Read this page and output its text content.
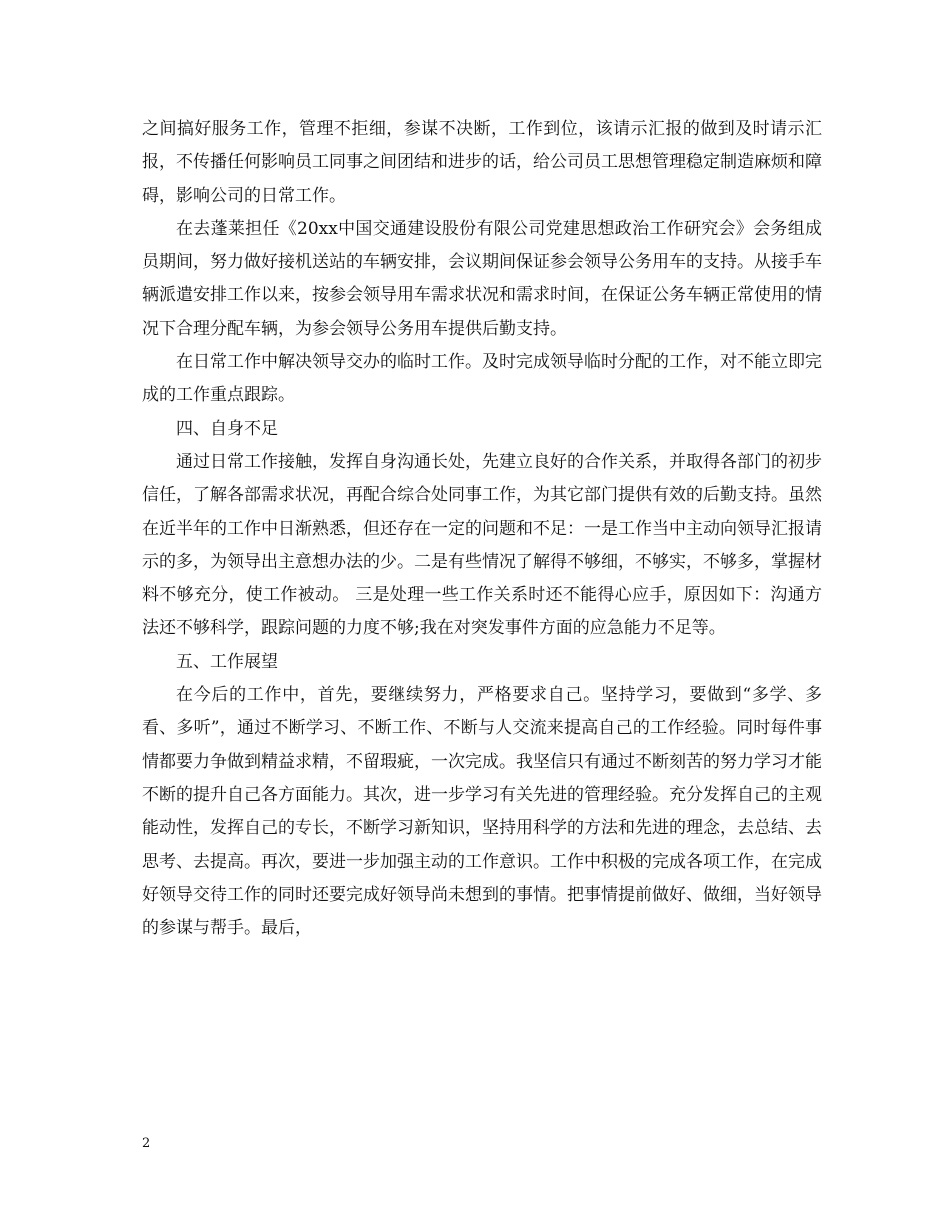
之间搞好服务工作，管理不拒细，参谋不决断，工作到位，该请示汇报的做到及时请示汇报，不传播任何影响员工同事之间团结和进步的话，给公司员工思想管理稳定制造麻烦和障碍，影响公司的日常工作。

在去蓬莱担任《20xx中国交通建设股份有限公司党建思想政治工作研究会》会务组成员期间，努力做好接机送站的车辆安排，会议期间保证参会领导公务用车的支持。从接手车辆派遣安排工作以来，按参会领导用车需求状况和需求时间，在保证公务车辆正常使用的情况下合理分配车辆，为参会领导公务用车提供后勤支持。

在日常工作中解决领导交办的临时工作。及时完成领导临时分配的工作，对不能立即完成的工作重点跟踪。

四、自身不足

通过日常工作接触，发挥自身沟通长处，先建立良好的合作关系，并取得各部门的初步信任，了解各部需求状况，再配合综合处同事工作，为其它部门提供有效的后勤支持。虽然在近半年的工作中日渐熟悉，但还存在一定的问题和不足：一是工作当中主动向领导汇报请示的多，为领导出主意想办法的少。二是有些情况了解得不够细，不够实，不够多，掌握材料不够充分，使工作被动。 三是处理一些工作关系时还不能得心应手，原因如下：沟通方法还不够科学，跟踪问题的力度不够;我在对突发事件方面的应急能力不足等。

五、工作展望

在今后的工作中，首先，要继续努力，严格要求自己。坚持学习，要做到“多学、多看、多听”，通过不断学习、不断工作、不断与人交流来提高自己的工作经验。同时每件事情都要力争做到精益求精，不留瑕疵，一次完成。我坚信只有通过不断刻苦的努力学习才能不断的提升自己各方面能力。其次，进一步学习有关先进的管理经验。充分发挥自己的主观能动性，发挥自己的专长，不断学习新知识，坚持用科学的方法和先进的理念，去总结、去思考、去提高。再次，要进一步加强主动的工作意识。工作中积极的完成各项工作，在完成好领导交待工作的同时还要完成好领导尚未想到的事情。把事情提前做好、做细，当好领导的参谋与帮手。最后，

2
